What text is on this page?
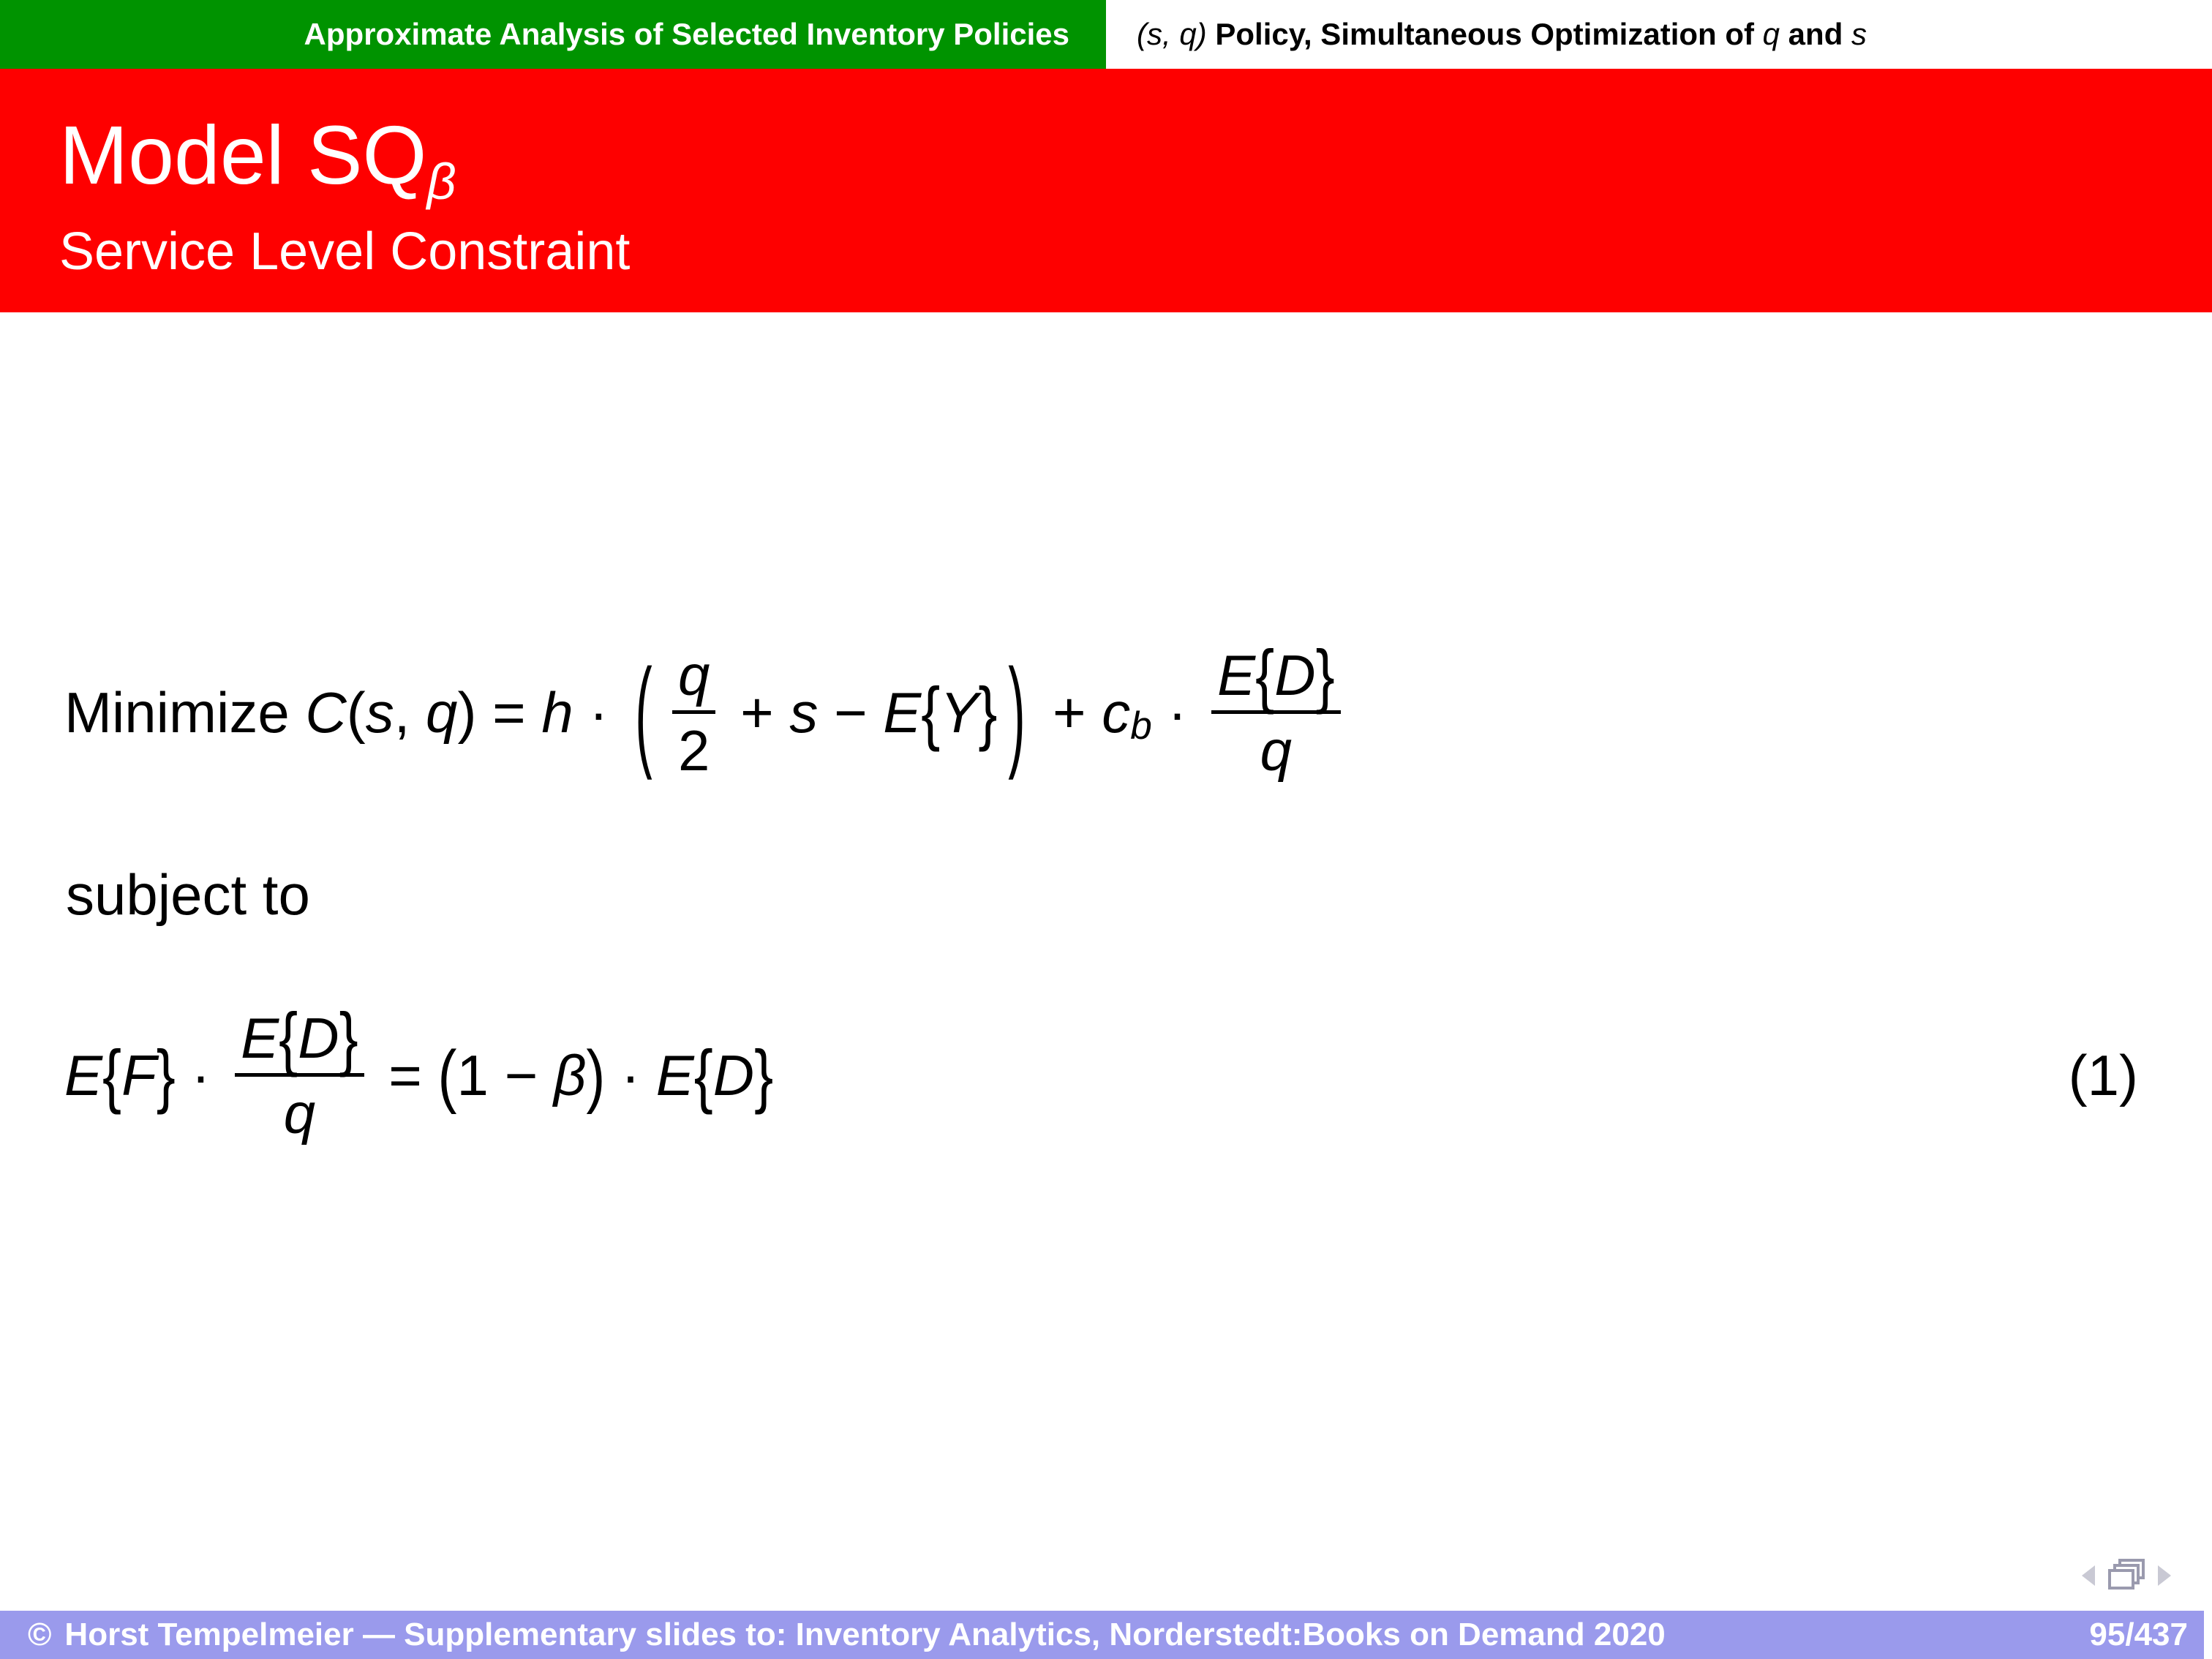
Approximate Analysis of Selected Inventory Policies ( s , q ) Policy, Simultaneous Optimization of q and s
Model SQβ
Service Level Constraint
Minimize C ( s , q ) = h · ( q
2
+ s − E { Y } ) + c b ·
E { D }
q
subject to
E { F } ·
E { D }
q
= ( 1 − β ) · E { D }	(1)
© Horst Tempelmeier — Supplementary slides to: Inventory Analytics, Norderstedt:Books on Demand 2020	95/437
